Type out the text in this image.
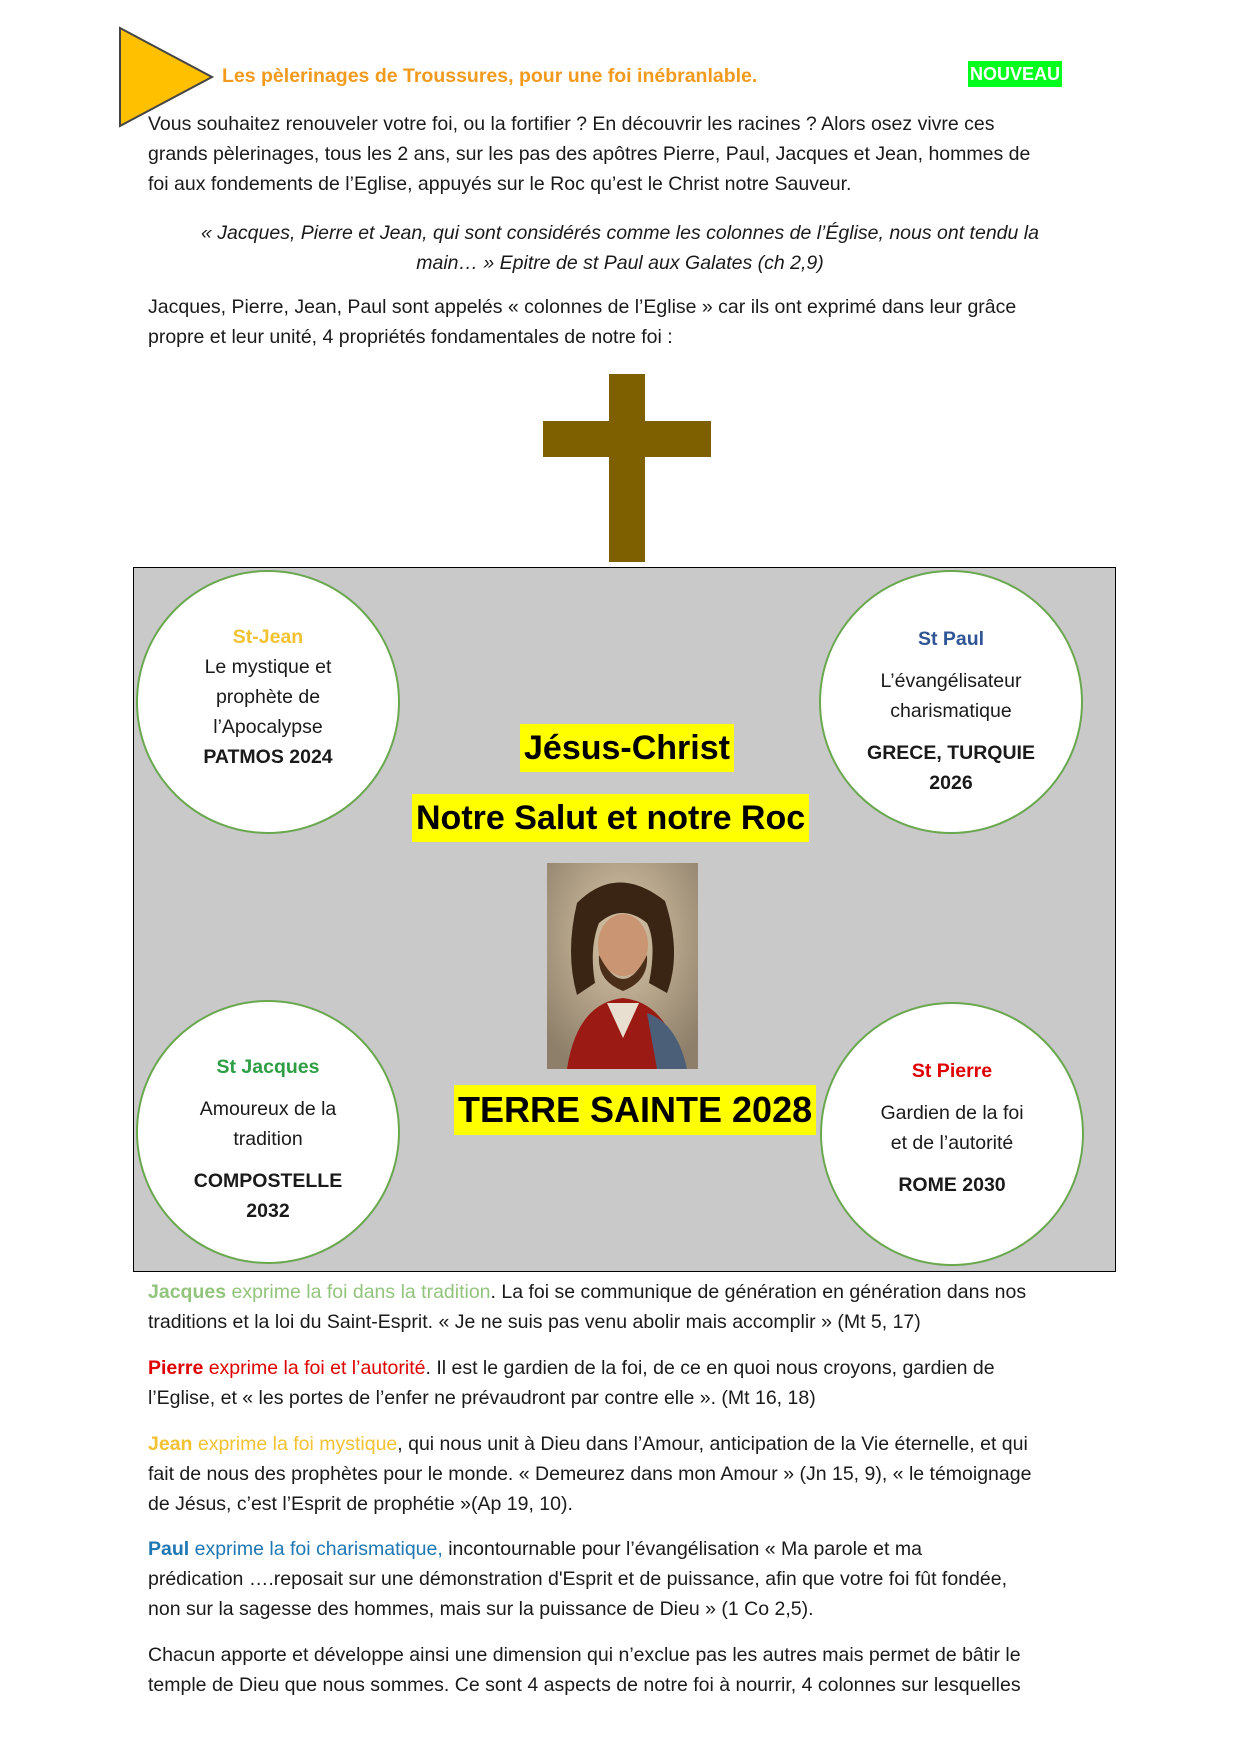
Les pèlerinages de Troussures, pour une foi inébranlable.	NOUVEAU
Vous souhaitez renouveler votre foi, ou la fortifier ? En découvrir les racines ? Alors osez vivre ces
grands pèlerinages, tous les 2 ans, sur les pas des apôtres Pierre, Paul, Jacques et Jean, hommes de
foi aux fondements de l’Eglise, appuyés sur le Roc qu’est le Christ notre Sauveur.
« Jacques, Pierre et Jean, qui sont considérés comme les colonnes de l’Église, nous ont tendu la
main… » Epitre de st Paul aux Galates (ch 2,9)
Jacques, Pierre, Jean, Paul sont appelés « colonnes de l’Eglise » car ils ont exprimé dans leur grâce
propre et leur unité, 4 propriétés fondamentales de notre foi :
St-Jean
Le mystique et
prophète de
l’Apocalypse
PATMOS 2024
St Paul
L’évangélisateur
charismatique
GRECE, TURQUIE
2026
St Jacques
Amoureux de la
tradition
COMPOSTELLE
2032
St Pierre
Gardien de la foi
et de l’autorité
ROME 2030
Jésus-Christ
Notre Salut et notre Roc
TERRE SAINTE 2028
Jacques exprime la foi dans la tradition. La foi se communique de génération en génération dans nos
traditions et la loi du Saint-Esprit. « Je ne suis pas venu abolir mais accomplir » (Mt 5, 17)
Pierre exprime la foi et l’autorité. Il est le gardien de la foi, de ce en quoi nous croyons, gardien de
l’Eglise, et « les portes de l’enfer ne prévaudront par contre elle ». (Mt 16, 18)
Jean exprime la foi mystique, qui nous unit à Dieu dans l’Amour, anticipation de la Vie éternelle, et qui
fait de nous des prophètes pour le monde. « Demeurez dans mon Amour » (Jn 15, 9), « le témoignage
de Jésus, c’est l’Esprit de prophétie »(Ap 19, 10).
Paul exprime la foi charismatique, incontournable pour l’évangélisation « Ma parole et ma
prédication ….reposait sur une démonstration d'Esprit et de puissance, afin que votre foi fût fondée,
non sur la sagesse des hommes, mais sur la puissance de Dieu » (1 Co 2,5).
Chacun apporte et développe ainsi une dimension qui n’exclue pas les autres mais permet de bâtir le
temple de Dieu que nous sommes. Ce sont 4 aspects de notre foi à nourrir, 4 colonnes sur lesquelles
